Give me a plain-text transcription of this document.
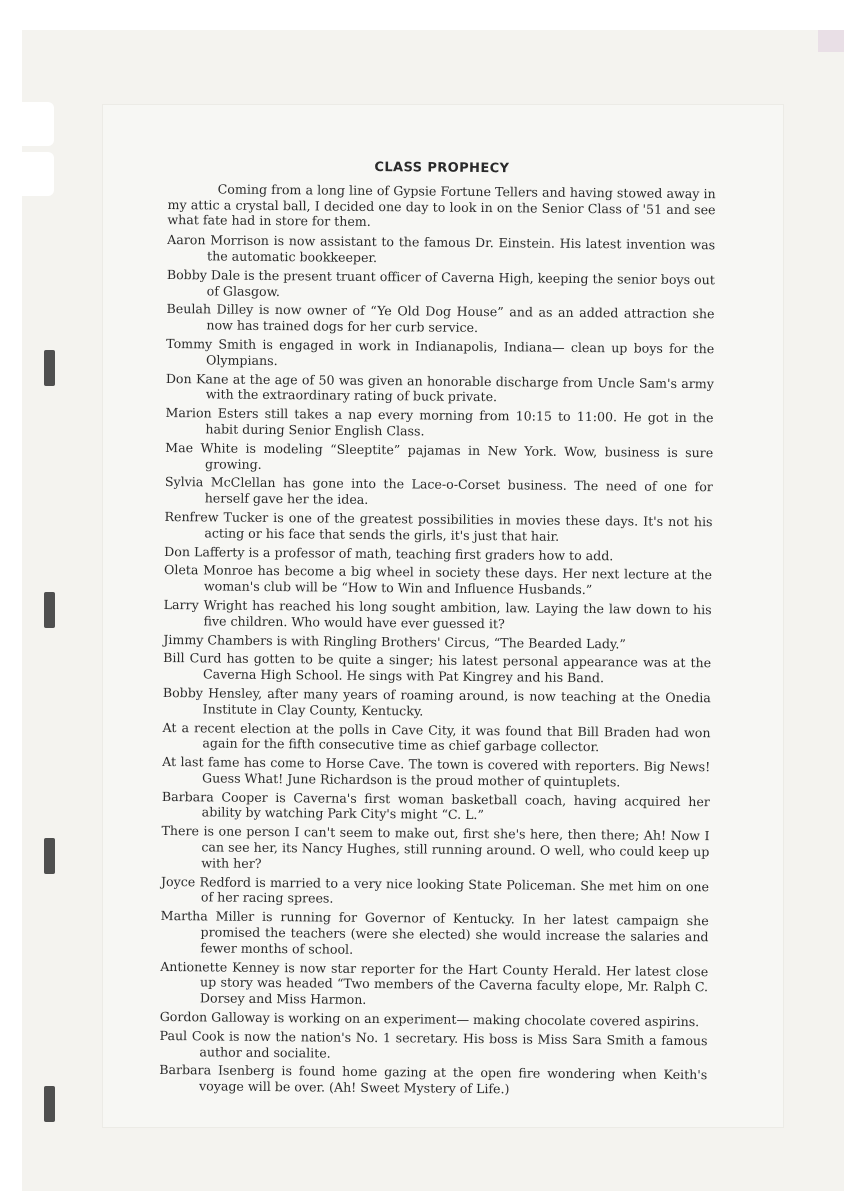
CLASS PROPHECY

Coming from a long line of Gypsie Fortune Tellers and having stowed away in my attic a crystal ball, I decided one day to look in on the Senior Class of '51 and see what fate had in store for them.

Aaron Morrison is now assistant to the famous Dr. Einstein. His latest invention was the automatic bookkeeper.

Bobby Dale is the present truant officer of Caverna High, keeping the senior boys out of Glasgow.

Beulah Dilley is now owner of “Ye Old Dog House” and as an added attraction she now has trained dogs for her curb service.

Tommy Smith is engaged in work in Indianapolis, Indiana— clean up boys for the Olympians.

Don Kane at the age of 50 was given an honorable discharge from Uncle Sam's army with the extraordinary rating of buck private.

Marion Esters still takes a nap every morning from 10:15 to 11:00. He got in the habit during Senior English Class.

Mae White is modeling “Sleeptite” pajamas in New York. Wow, business is sure growing.

Sylvia McClellan has gone into the Lace-o-Corset business. The need of one for herself gave her the idea.

Renfrew Tucker is one of the greatest possibilities in movies these days. It's not his acting or his face that sends the girls, it's just that hair.

Don Lafferty is a professor of math, teaching first graders how to add.

Oleta Monroe has become a big wheel in society these days. Her next lecture at the woman's club will be “How to Win and Influence Husbands.”

Larry Wright has reached his long sought ambition, law. Laying the law down to his five children. Who would have ever guessed it?

Jimmy Chambers is with Ringling Brothers' Circus, “The Bearded Lady.”

Bill Curd has gotten to be quite a singer; his latest personal appearance was at the Caverna High School. He sings with Pat Kingrey and his Band.

Bobby Hensley, after many years of roaming around, is now teaching at the Onedia Institute in Clay County, Kentucky.

At a recent election at the polls in Cave City, it was found that Bill Braden had won again for the fifth consecutive time as chief garbage collector.

At last fame has come to Horse Cave. The town is covered with reporters. Big News! Guess What! June Richardson is the proud mother of quintuplets.

Barbara Cooper is Caverna's first woman basketball coach, having acquired her ability by watching Park City's might “C. L.”

There is one person I can't seem to make out, first she's here, then there; Ah! Now I can see her, its Nancy Hughes, still running around. O well, who could keep up with her?

Joyce Redford is married to a very nice looking State Policeman. She met him on one of her racing sprees.

Martha Miller is running for Governor of Kentucky. In her latest campaign she promised the teachers (were she elected) she would increase the salaries and fewer months of school.

Antionette Kenney is now star reporter for the Hart County Herald. Her latest close up story was headed “Two members of the Caverna faculty elope, Mr. Ralph C. Dorsey and Miss Harmon.

Gordon Galloway is working on an experiment— making chocolate covered aspirins.

Paul Cook is now the nation's No. 1 secretary. His boss is Miss Sara Smith a famous author and socialite.

Barbara Isenberg is found home gazing at the open fire wondering when Keith's voyage will be over. (Ah! Sweet Mystery of Life.)
